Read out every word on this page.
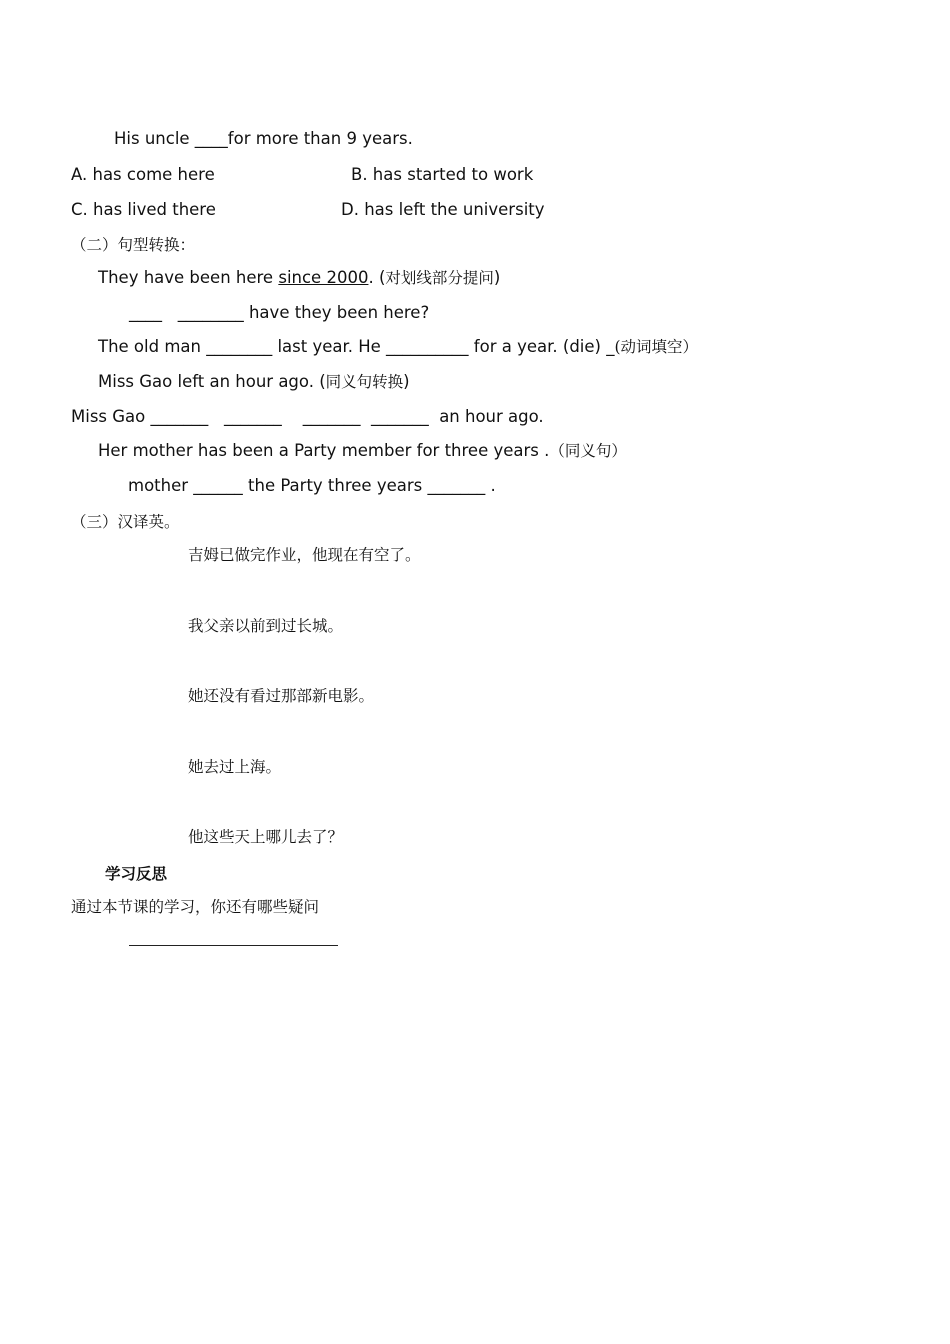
His uncle ____for more than 9 years.
A. has come here	B. has started to work
C. has lived there	D. has left the university
（二）句型转换：
They have been here since 2000. (对划线部分提问)
____   ________ have they been here?
The old man ________ last year. He __________ for a year. (die) _(动词填空）
Miss Gao left an hour ago. (同义句转换)
Miss Gao _______   _______    _______  _______  an hour ago.
Her mother has been a Party member for three years .（同义句）
mother ______ the Party three years _______ .
（三）汉译英。
吉姆已做完作业，他现在有空了。
我父亲以前到过长城。
她还没有看过那部新电影。
她去过上海。
他这些天上哪儿去了？
学习反思
通过本节课的学习，你还有哪些疑问
